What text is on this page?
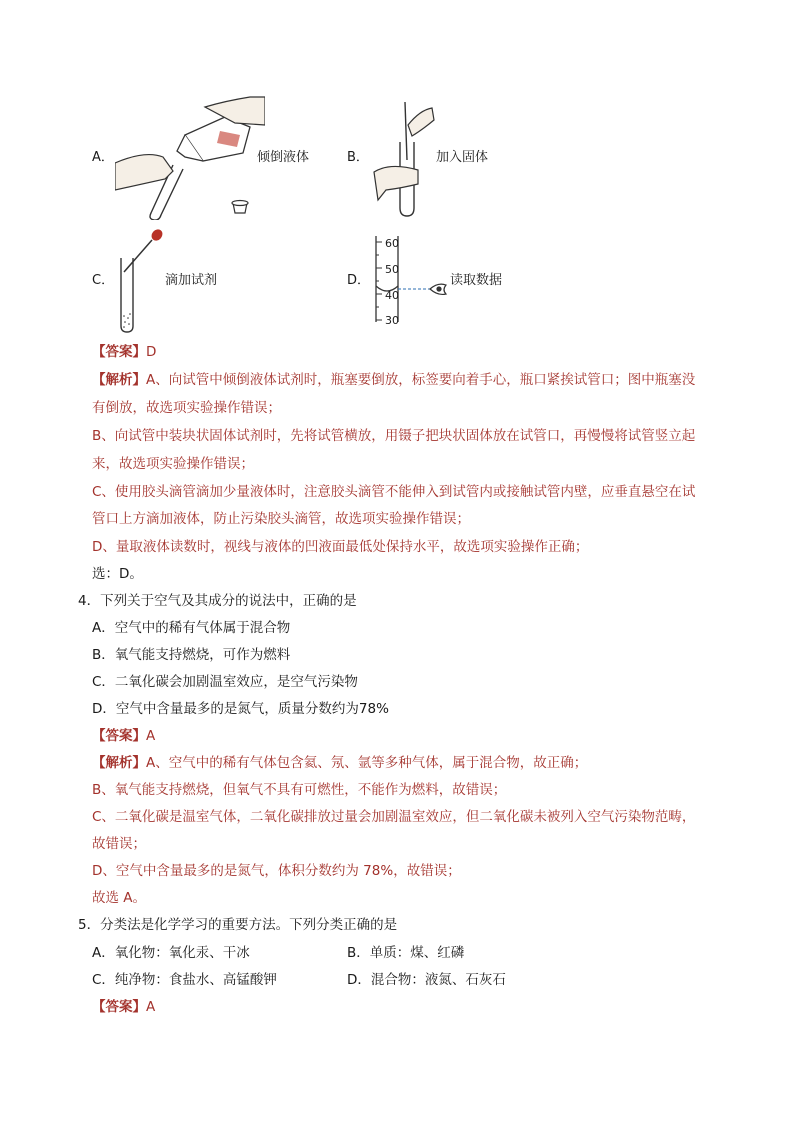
A．	倾倒液体	B．	加入固体
C．	滴加试剂	D．
60
50
40
30
读取数据
【答案】D
【解析】A、向试管中倾倒液体试剂时，瓶塞要倒放，标签要向着手心，瓶口紧挨试管口；图中瓶塞没
有倒放，故选项实验操作错误；
B、向试管中装块状固体试剂时，先将试管横放，用镊子把块状固体放在试管口，再慢慢将试管竖立起
来，故选项实验操作错误；
C、使用胶头滴管滴加少量液体时，注意胶头滴管不能伸入到试管内或接触试管内壁，应垂直悬空在试
管口上方滴加液体，防止污染胶头滴管，故选项实验操作错误；
D、量取液体读数时，视线与液体的凹液面最低处保持水平，故选项实验操作正确；
选：D。
4．下列关于空气及其成分的说法中，正确的是
A．空气中的稀有气体属于混合物
B．氧气能支持燃烧，可作为燃料
C．二氧化碳会加剧温室效应，是空气污染物
D．空气中含量最多的是氮气，质量分数约为78%
【答案】A
【解析】A、空气中的稀有气体包含氦、氖、氩等多种气体，属于混合物，故正确；
B、氧气能支持燃烧，但氧气不具有可燃性，不能作为燃料，故错误；
C、二氧化碳是温室气体，二氧化碳排放过量会加剧温室效应，但二氧化碳未被列入空气污染物范畴，
故错误；
D、空气中含量最多的是氮气，体积分数约为 78%，故错误；
故选 A。
5．分类法是化学学习的重要方法。下列分类正确的是
A．氧化物：氧化汞、干冰	B．单质：煤、红磷
C．纯净物：食盐水、高锰酸钾	D．混合物：液氮、石灰石
【答案】A
